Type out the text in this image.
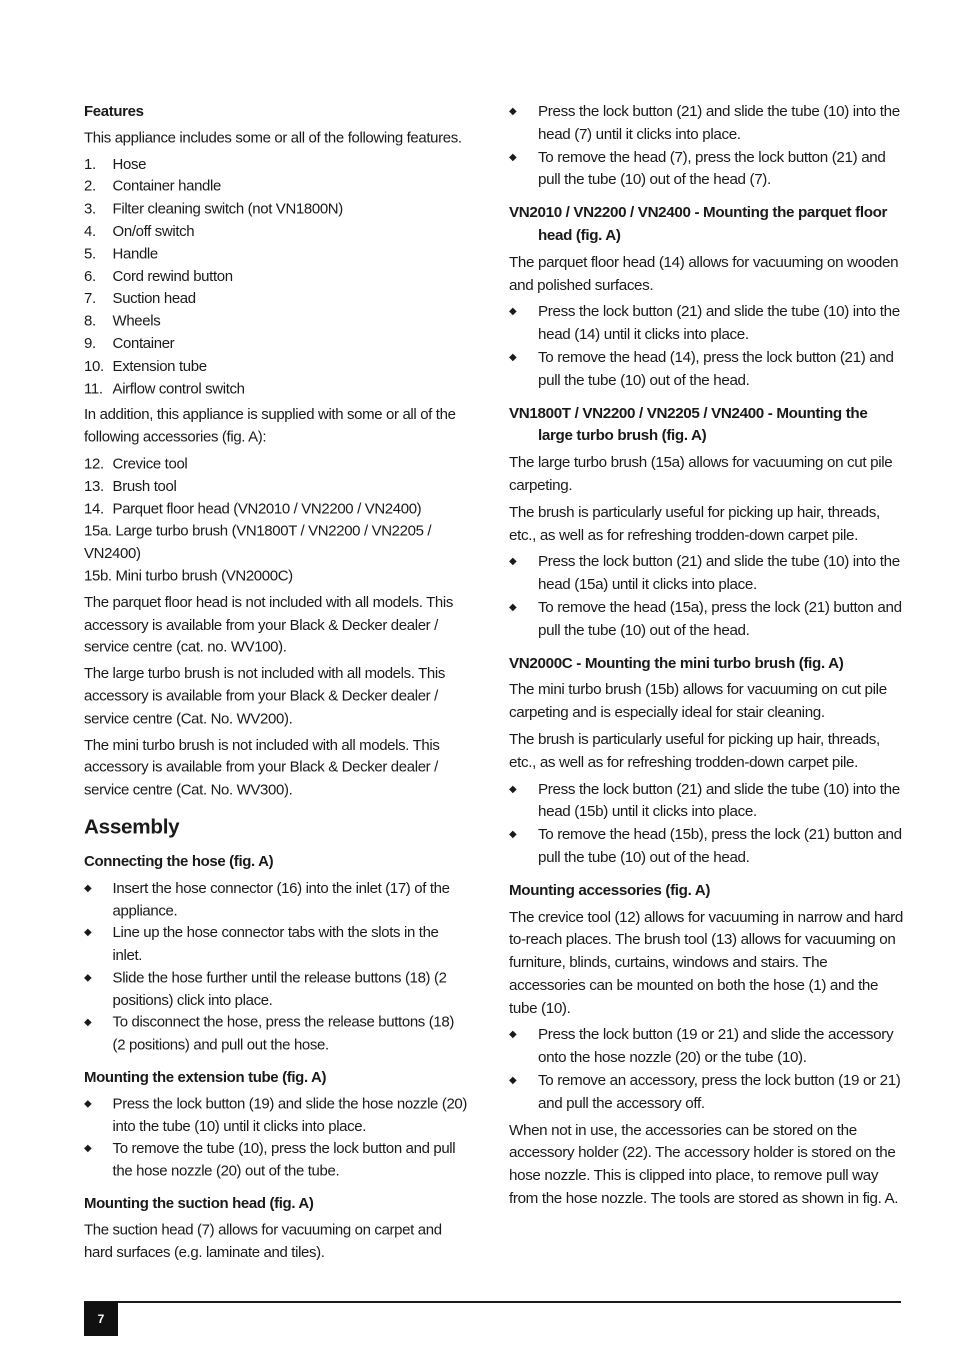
Features
This appliance includes some or all of the following features.
1. Hose
2. Container handle
3. Filter cleaning switch (not VN1800N)
4. On/off switch
5. Handle
6. Cord rewind button
7. Suction head
8. Wheels
9. Container
10. Extension tube
11. Airflow control switch
In addition, this appliance is supplied with some or all of the following accessories (fig. A):
12. Crevice tool
13. Brush tool
14. Parquet floor head (VN2010 / VN2200 / VN2400)
15a. Large turbo brush (VN1800T / VN2200 / VN2205 / VN2400)
15b. Mini turbo brush (VN2000C)
The parquet floor head is not included with all models. This accessory is available from your Black & Decker dealer / service centre (cat. no. WV100).
The large turbo brush is not included with all models. This accessory is available from your Black & Decker dealer / service centre (Cat. No. WV200).
The mini turbo brush is not included with all models. This accessory is available from your Black & Decker dealer / service centre (Cat. No. WV300).
Assembly
Connecting the hose (fig. A)
◆ Insert the hose connector (16) into the inlet (17) of the appliance.
◆ Line up the hose connector tabs with the slots in the inlet.
◆ Slide the hose further until the release buttons (18) (2 positions) click into place.
◆ To disconnect the hose, press the release buttons (18) (2 positions) and pull out the hose.
Mounting the extension tube (fig. A)
◆ Press the lock button (19) and slide the hose nozzle (20) into the tube (10) until it clicks into place.
◆ To remove the tube (10), press the lock button and pull the hose nozzle (20) out of the tube.
Mounting the suction head (fig. A)
The suction head (7) allows for vacuuming on carpet and hard surfaces (e.g. laminate and tiles).
◆ Press the lock button (21) and slide the tube (10) into the head (7) until it clicks into place.
◆ To remove the head (7), press the lock button (21) and pull the tube (10) out of the head (7).
VN2010 / VN2200 / VN2400 - Mounting the parquet floor head (fig. A)
The parquet floor head (14) allows for vacuuming on wooden and polished surfaces.
◆ Press the lock button (21) and slide the tube (10) into the head (14) until it clicks into place.
◆ To remove the head (14), press the lock button (21) and pull the tube (10) out of the head.
VN1800T / VN2200 / VN2205 / VN2400 - Mounting the large turbo brush (fig. A)
The large turbo brush (15a) allows for vacuuming on cut pile carpeting.
The brush is particularly useful for picking up hair, threads, etc., as well as for refreshing trodden-down carpet pile.
◆ Press the lock button (21) and slide the tube (10) into the head (15a) until it clicks into place.
◆ To remove the head (15a), press the lock (21) button and pull the tube (10) out of the head.
VN2000C - Mounting the mini turbo brush (fig. A)
The mini turbo brush (15b) allows for vacuuming on cut pile carpeting and is especially ideal for stair cleaning.
The brush is particularly useful for picking up hair, threads, etc., as well as for refreshing trodden-down carpet pile.
◆ Press the lock button (21) and slide the tube (10) into the head (15b) until it clicks into place.
◆ To remove the head (15b), press the lock (21) button and pull the tube (10) out of the head.
Mounting accessories (fig. A)
The crevice tool (12) allows for vacuuming in narrow and hard to-reach places. The brush tool (13) allows for vacuuming on furniture, blinds, curtains, windows and stairs. The accessories can be mounted on both the hose (1) and the tube (10).
◆ Press the lock button (19 or 21) and slide the accessory onto the hose nozzle (20) or the tube (10).
◆ To remove an accessory, press the lock button (19 or 21) and pull the accessory off.
When not in use, the accessories can be stored on the accessory holder (22). The accessory holder is stored on the hose nozzle. This is clipped into place, to remove pull way from the hose nozzle. The tools are stored as shown in fig. A.
7
